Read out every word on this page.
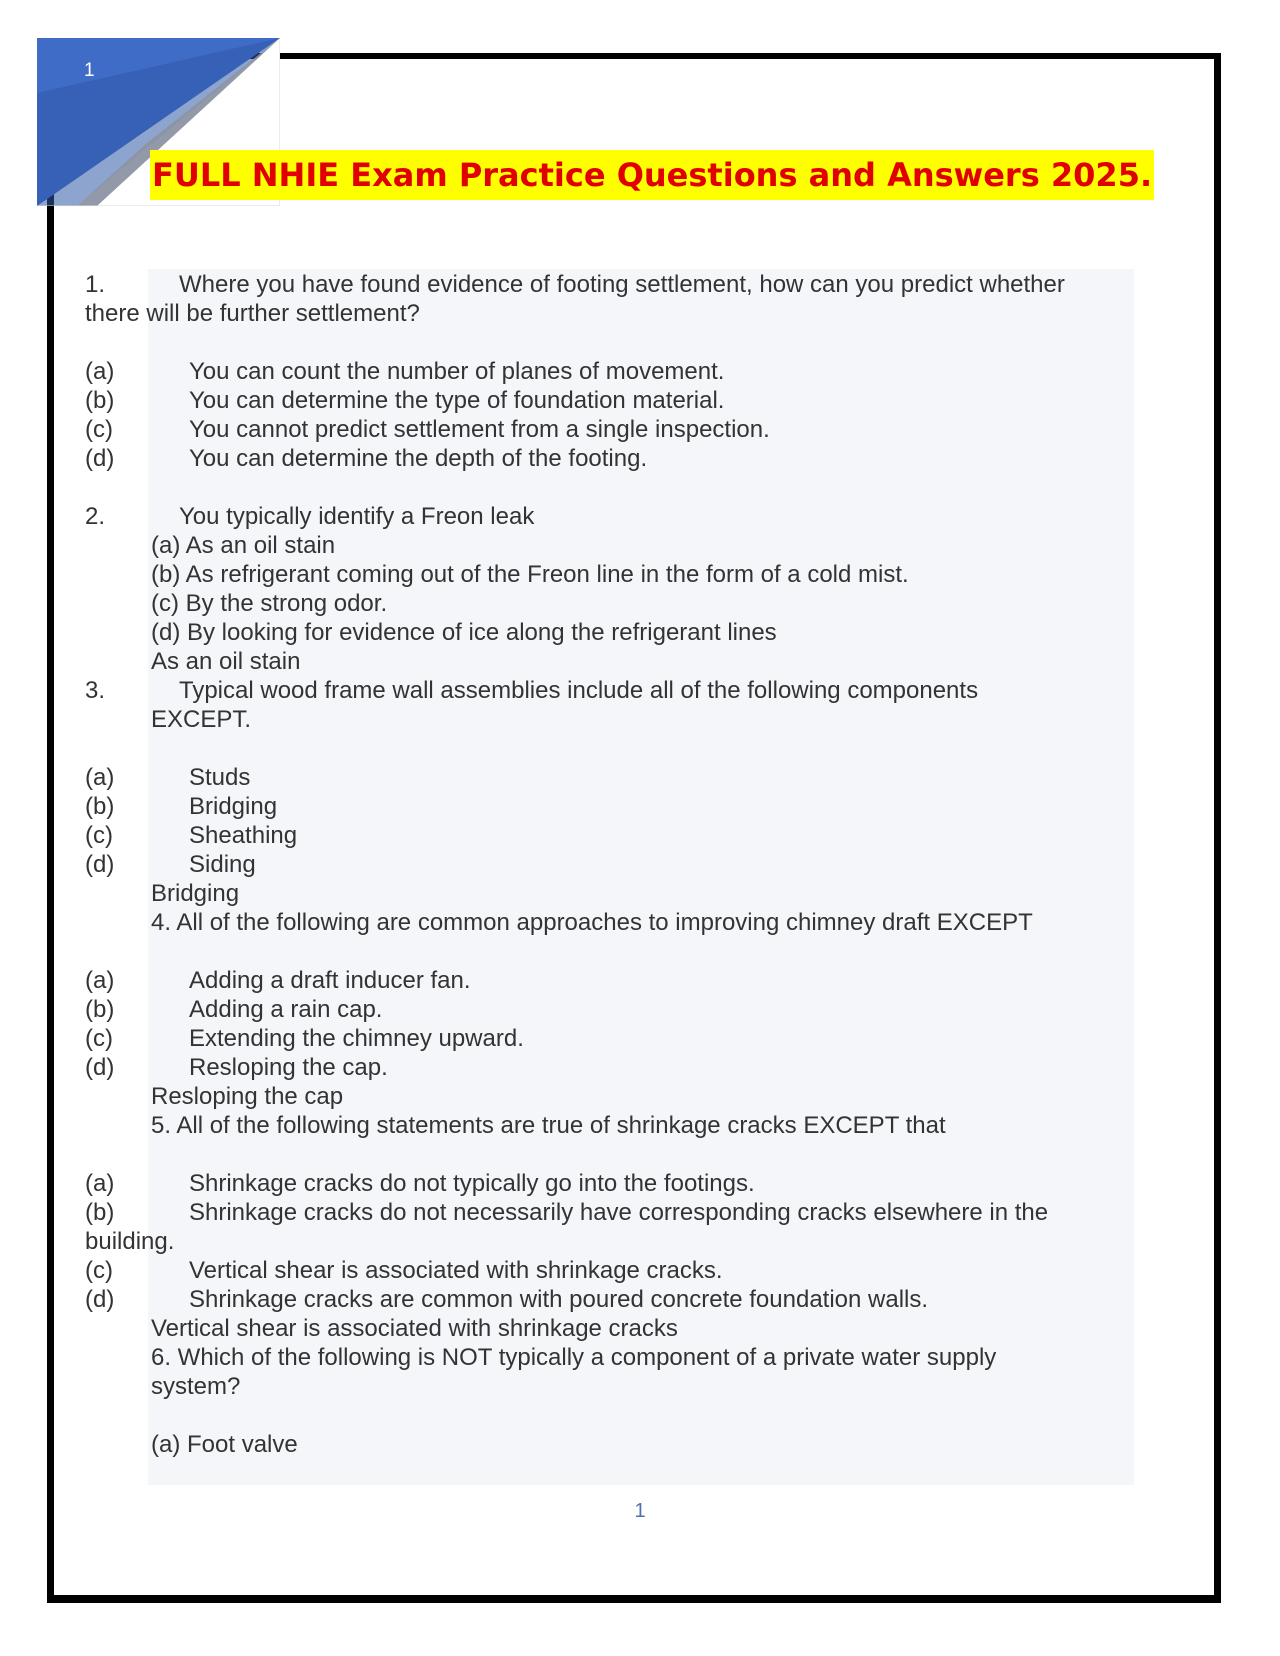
1
FULL NHIE Exam Practice Questions and Answers 2025.
1.	Where you have found evidence of footing settlement, how can you predict whether
there will be further settlement?
(a)	You can count the number of planes of movement.
(b)	You can determine the type of foundation material.
(c)	You cannot predict settlement from a single inspection.
(d)	You can determine the depth of the footing.
2.	You typically identify a Freon leak
(a) As an oil stain
(b) As refrigerant coming out of the Freon line in the form of a cold mist.
(c) By the strong odor.
(d) By looking for evidence of ice along the refrigerant lines
As an oil stain
3.	Typical wood frame wall assemblies include all of the following components
EXCEPT.
(a)	Studs
(b)	Bridging
(c)	Sheathing
(d)	Siding
Bridging
4. All of the following are common approaches to improving chimney draft EXCEPT
(a)	Adding a draft inducer fan.
(b)	Adding a rain cap.
(c)	Extending the chimney upward.
(d)	Resloping the cap.
Resloping the cap
5. All of the following statements are true of shrinkage cracks EXCEPT that
(a)	Shrinkage cracks do not typically go into the footings.
(b)	Shrinkage cracks do not necessarily have corresponding cracks elsewhere in the
building.
(c)	Vertical shear is associated with shrinkage cracks.
(d)	Shrinkage cracks are common with poured concrete foundation walls.
Vertical shear is associated with shrinkage cracks
6. Which of the following is NOT typically a component of a private water supply
system?
(a) Foot valve
1
